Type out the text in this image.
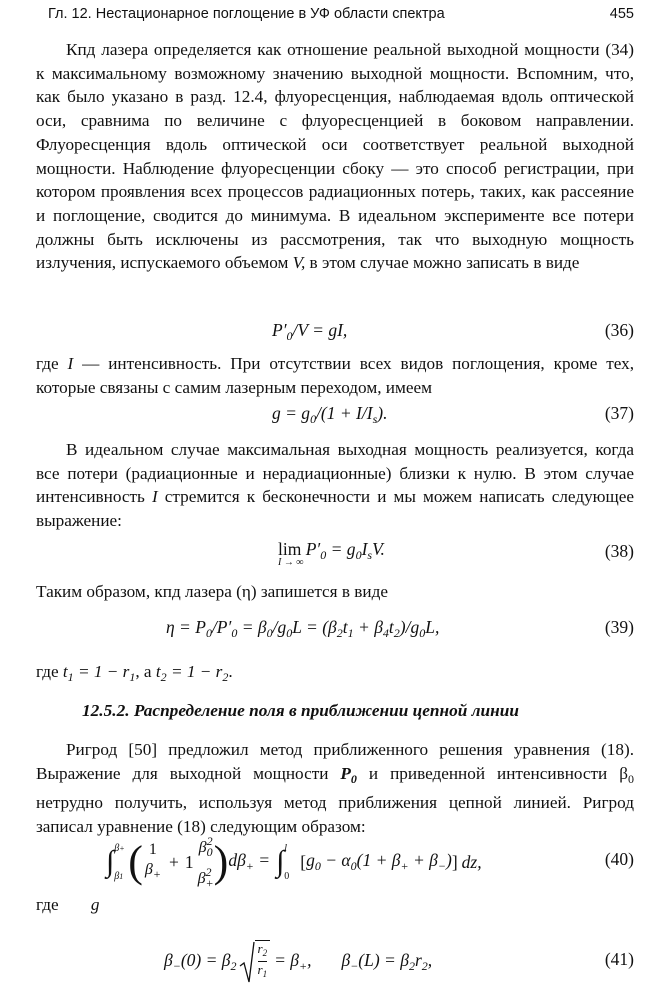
Гл. 12. Нестационарное поглощение в УФ области спектра	455
Кпд лазера определяется как отношение реальной выходной мощности (34) к максимальному возможному значению выходной мощности. Вспомним, что, как было указано в разд. 12.4, флуоресценция, наблюдаемая вдоль оптической оси, сравнима по величине с флуоресценцией в боковом направлении. Флуоресценция вдоль оптической оси соответствует реальной выходной мощности. Наблюдение флуоресценции сбоку — это способ регистрации, при котором проявления всех процессов радиационных потерь, таких, как рассеяние и поглощение, сводится до минимума. В идеальном эксперименте все потери должны быть исключены из рассмотрения, так что выходную мощность излучения, испускаемого объемом V, в этом случае можно записать в виде
$P'_0/V$ = gI,	(36)
где I — интенсивность. При отсутствии всех видов поглощения, кроме тех, которые связаны с самим лазерным переходом, имеем
$g = g_0/(1 + I/I_s)$.	(37)
В идеальном случае максимальная выходная мощность реализуется, когда все потери (радиационные и нерадиационные) близки к нулю. В этом случае интенсивность I стремится к бесконечности и мы можем написать следующее выражение:
lim
I → ∞
$P'_0 = g_0I_sV$.	(38)
Таким образом, кпд лазера (η) запишется в виде
$\eta = P_0/P'_0 = \beta_0/g_0L = (\beta_2t_1 + \beta_4t_2)/g_0L$,	(39)
где $t_1 = 1 - r_1$, а $t_2 = 1 - r_2$.
12.5.2. Распределение поля в приближении цепной линии
Ригрод [50] предложил метод приближенного решения уравнения (18). Выражение для выходной мощности $P_0$ и приведенной интенсивности $\beta_0$ нетрудно получить, используя метод приближения цепной линией. Ригрод записал уравнение (18) следующим образом:
∫ β+
β1 ( 1
$\beta_+$
+ 1
$\beta^2_0$
$\beta^2_+$ ) $d\beta_+$ = ∫ l
0
[ $g_0 - \alpha_0(1 + \beta_+ + \beta_-)$ ] dz,	(40)
где g
$\beta_-(0) = \beta_2$
$r_2$
$r_1$
= $\beta_+$, $\beta_-(L) = \beta_2r_2$,	(41)
